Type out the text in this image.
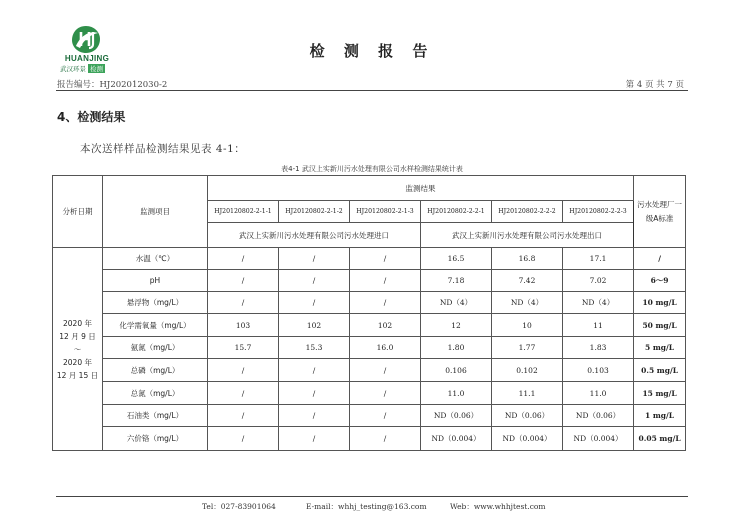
HUANJING
武汉环景 检测
检 测 报 告
报告编号：HJ202012030-2	第 4 页 共 7 页
4、检测结果
本次送样样品检测结果见表 4-1：
表4-1 武汉上实新川污水处理有限公司水样检测结果统计表
分析日期	监测项目	监测结果						污水处理厂一级A标准
		HJ20120802-2-1-1	HJ20120802-2-1-2	HJ20120802-2-1-3	HJ20120802-2-2-1	HJ20120802-2-2-2	HJ20120802-2-2-3	
		武汉上实新川污水处理有限公司污水处理进口			武汉上实新川污水处理有限公司污水处理出口			

2020 年
12 月 9 日
～
2020 年
12 月 15 日	水温（℃）	/	/	/	16.5	16.8	17.1	/
	pH	/	/	/	7.18	7.42	7.02	6～9
	悬浮物（mg/L）	/	/	/	ND（4）	ND（4）	ND（4）	10 mg/L
	化学需氧量（mg/L）	103	102	102	12	10	11	50 mg/L
	氨氮（mg/L）	15.7	15.3	16.0	1.80	1.77	1.83	5 mg/L
	总磷（mg/L）	/	/	/	0.106	0.102	0.103	0.5 mg/L
	总氮（mg/L）	/	/	/	11.0	11.1	11.0	15 mg/L
	石油类（mg/L）	/	/	/	ND（0.06）	ND（0.06）	ND（0.06）	1 mg/L
	六价铬（mg/L）	/	/	/	ND（0.004）	ND（0.004）	ND（0.004）	0.05 mg/L
Tel：027-83901064	E-mail：whhj_testing@163.com	Web：www.whhjtest.com
